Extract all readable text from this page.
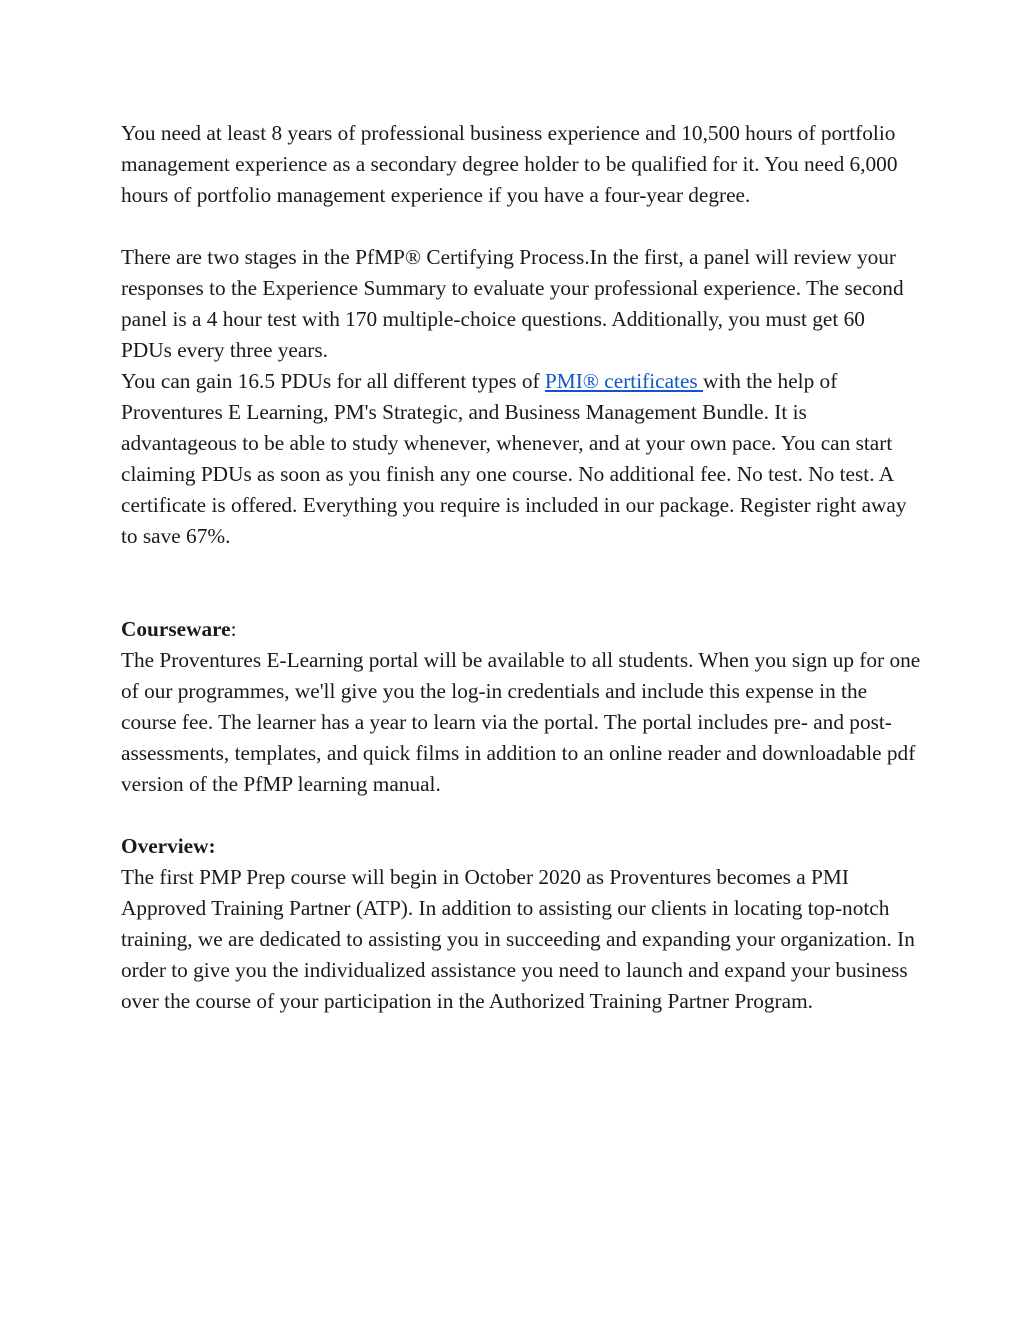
You need at least 8 years of professional business experience and 10,500 hours of portfolio management experience as a secondary degree holder to be qualified for it. You need 6,000 hours of portfolio management experience if you have a four-year degree.

There are two stages in the PfMP® Certifying Process.In the first, a panel will review your responses to the Experience Summary to evaluate your professional experience. The second panel is a 4 hour test with 170 multiple-choice questions. Additionally, you must get 60 PDUs every three years.

You can gain 16.5 PDUs for all different types of PMI® certificates with the help of Proventures E Learning, PM's Strategic, and Business Management Bundle. It is advantageous to be able to study whenever, whenever, and at your own pace. You can start claiming PDUs as soon as you finish any one course. No additional fee. No test. No test. A certificate is offered. Everything you require is included in our package. Register right away to save 67%.

Courseware:

The Proventures E-Learning portal will be available to all students. When you sign up for one of our programmes, we'll give you the log-in credentials and include this expense in the course fee. The learner has a year to learn via the portal. The portal includes pre- and post-assessments, templates, and quick films in addition to an online reader and downloadable pdf version of the PfMP learning manual.

Overview:

The first PMP Prep course will begin in October 2020 as Proventures becomes a PMI Approved Training Partner (ATP). In addition to assisting our clients in locating top-notch training, we are dedicated to assisting you in succeeding and expanding your organization. In order to give you the individualized assistance you need to launch and expand your business over the course of your participation in the Authorized Training Partner Program.
